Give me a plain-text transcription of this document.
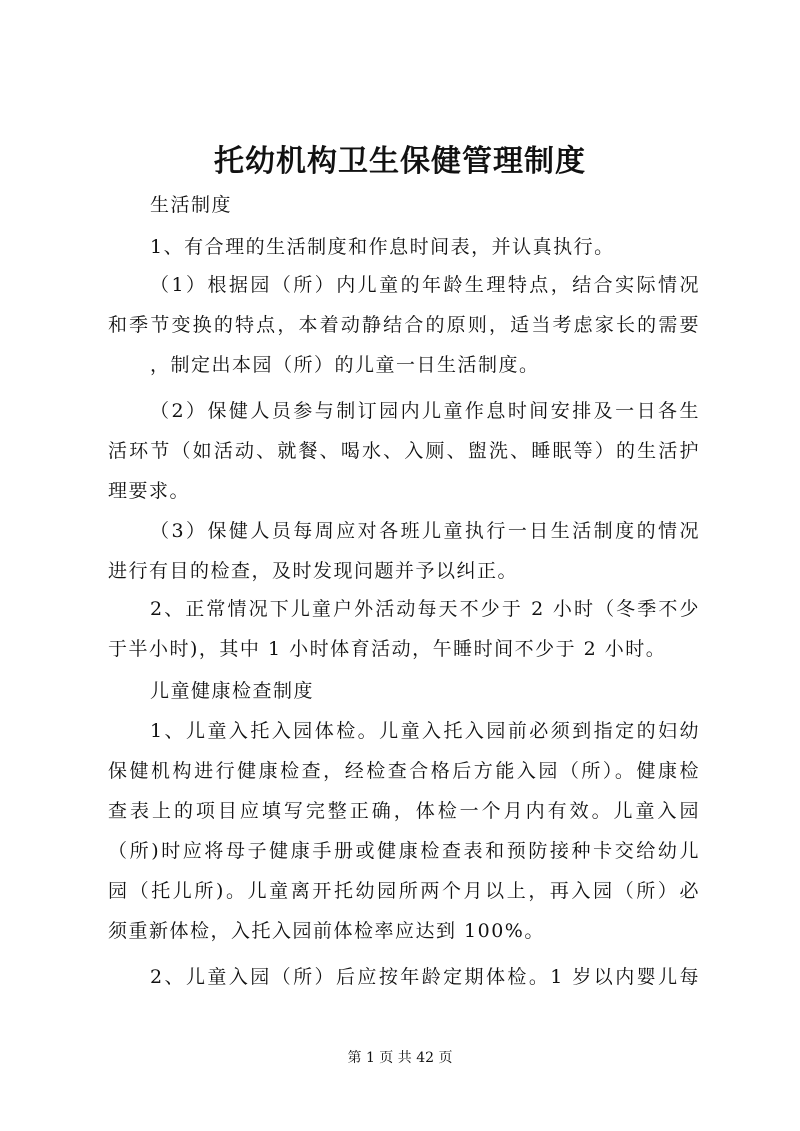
托幼机构卫生保健管理制度
生活制度
1、有合理的生活制度和作息时间表，并认真执行。
（1）根据园（所）内儿童的年龄生理特点，结合实际情况
和季节变换的特点，本着动静结合的原则，适当考虑家长的需要
，制定出本园（所）的儿童一日生活制度。
（2）保健人员参与制订园内儿童作息时间安排及一日各生
活环节（如活动、就餐、喝水、入厕、盥洗、睡眠等）的生活护
理要求。
（3）保健人员每周应对各班儿童执行一日生活制度的情况
进行有目的检查，及时发现问题并予以纠正。
2、正常情况下儿童户外活动每天不少于 2 小时（冬季不少
于半小时)，其中 1 小时体育活动，午睡时间不少于 2 小时。
儿童健康检查制度
1、儿童入托入园体检。儿童入托入园前必须到指定的妇幼
保健机构进行健康检查，经检查合格后方能入园（所）。健康检
查表上的项目应填写完整正确，体检一个月内有效。儿童入园
（所)时应将母子健康手册或健康检查表和预防接种卡交给幼儿
园（托儿所)。儿童离开托幼园所两个月以上，再入园（所）必
须重新体检，入托入园前体检率应达到 100%。
2、儿童入园（所）后应按年龄定期体检。1 岁以内婴儿每
第 1 页 共 42 页
